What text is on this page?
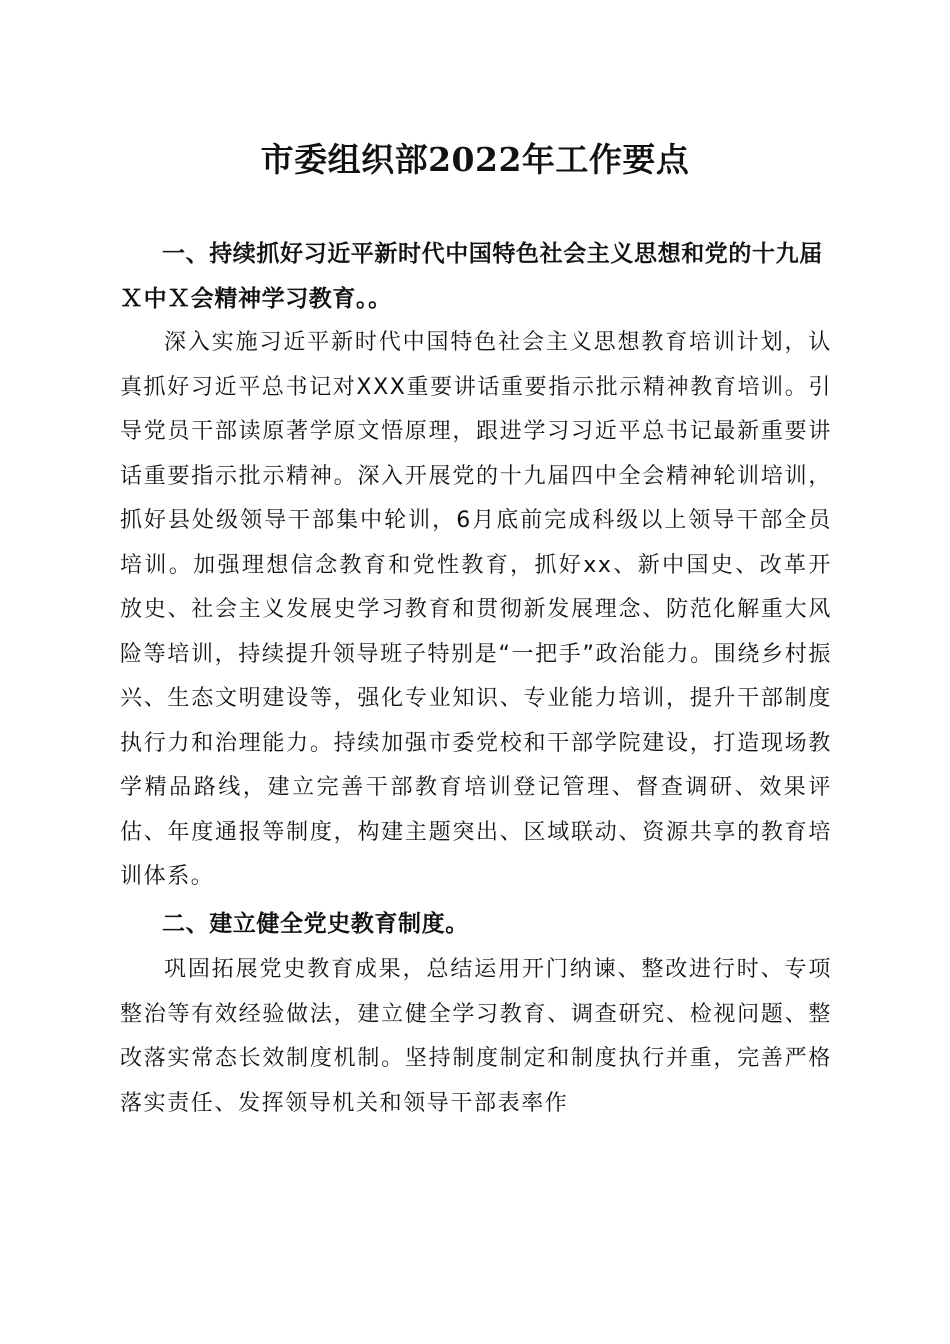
市委组织部2022年工作要点

一、持续抓好习近平新时代中国特色社会主义思想和党的十九届Ｘ中Ｘ会精神学习教育。。

深入实施习近平新时代中国特色社会主义思想教育培训计划，认真抓好习近平总书记对XXX重要讲话重要指示批示精神教育培训。引导党员干部读原著学原文悟原理，跟进学习习近平总书记最新重要讲话重要指示批示精神。深入开展党的十九届四中全会精神轮训培训，抓好县处级领导干部集中轮训，6月底前完成科级以上领导干部全员培训。加强理想信念教育和党性教育，抓好xx、新中国史、改革开放史、社会主义发展史学习教育和贯彻新发展理念、防范化解重大风险等培训，持续提升领导班子特别是“一把手”政治能力。围绕乡村振兴、生态文明建设等，强化专业知识、专业能力培训，提升干部制度执行力和治理能力。持续加强市委党校和干部学院建设，打造现场教学精品路线，建立完善干部教育培训登记管理、督查调研、效果评估、年度通报等制度，构建主题突出、区域联动、资源共享的教育培训体系。

二、建立健全党史教育制度。

巩固拓展党史教育成果，总结运用开门纳谏、整改进行时、专项整治等有效经验做法，建立健全学习教育、调查研究、检视问题、整改落实常态长效制度机制。坚持制度制定和制度执行并重，完善严格落实责任、发挥领导机关和领导干部表率作
